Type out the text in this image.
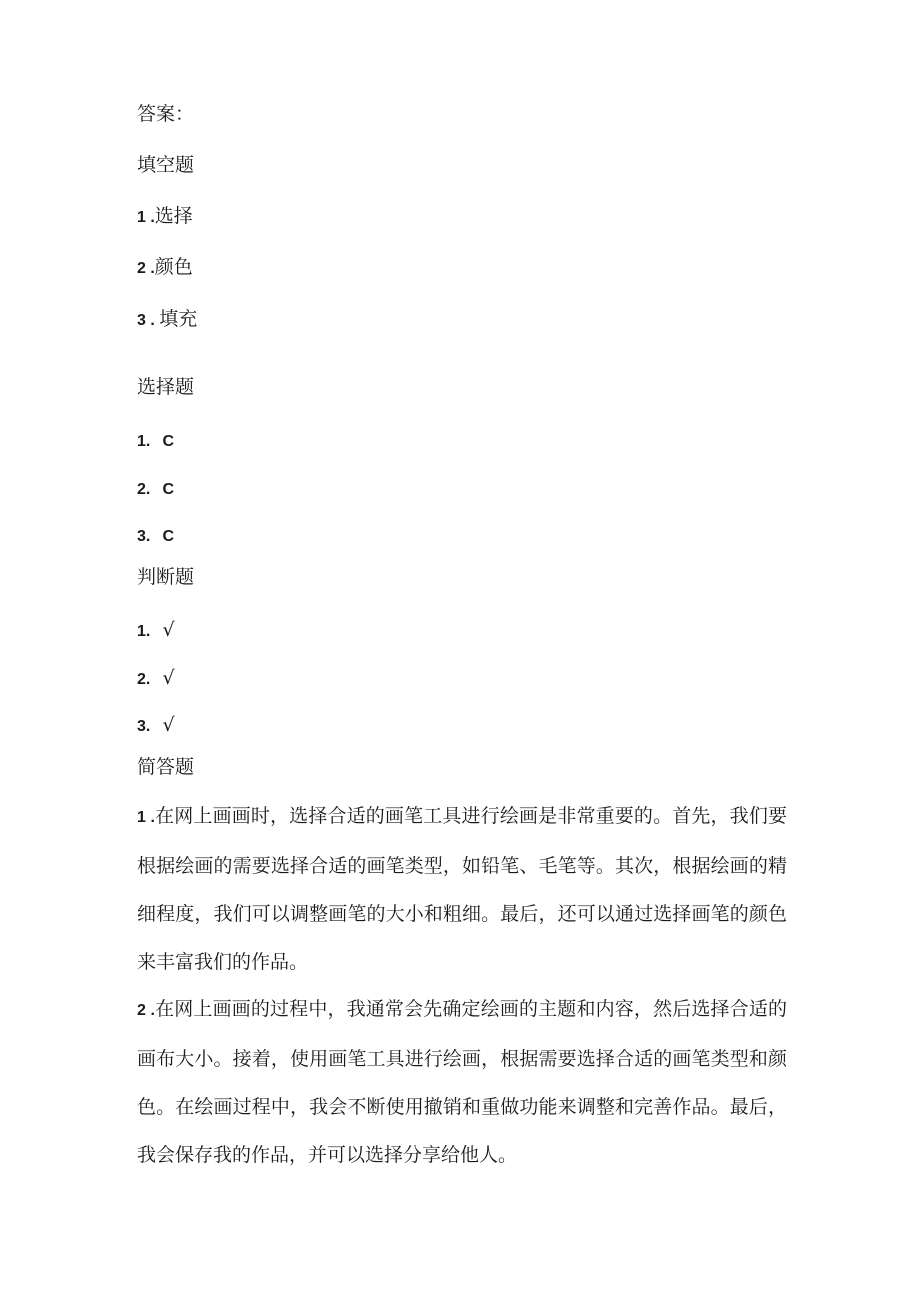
答案：
填空题
1 .选择
2 .颜色
3 . 填充
选择题
1. C
2. C
3. C
判断题
1. √
2. √
3. √
简答题
1 .在网上画画时，选择合适的画笔工具进行绘画是非常重要的。首先，我们要根据绘画的需要选择合适的画笔类型，如铅笔、毛笔等。其次，根据绘画的精细程度，我们可以调整画笔的大小和粗细。最后，还可以通过选择画笔的颜色来丰富我们的作品。
2 .在网上画画的过程中，我通常会先确定绘画的主题和内容，然后选择合适的画布大小。接着，使用画笔工具进行绘画，根据需要选择合适的画笔类型和颜色。在绘画过程中，我会不断使用撤销和重做功能来调整和完善作品。最后，我会保存我的作品，并可以选择分享给他人。
